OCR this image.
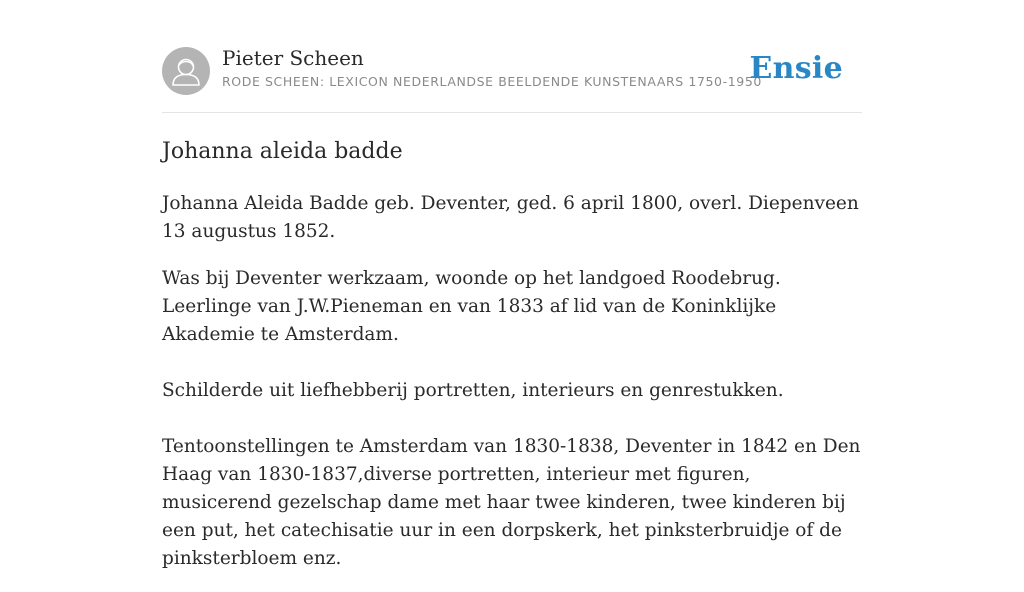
Pieter Scheen
RODE SCHEEN: LEXICON NEDERLANDSE BEELDENDE KUNSTENAARS 1750-1950
Ensie
Johanna aleida badde

Johanna Aleida Badde geb. Deventer, ged. 6 april 1800, overl. Diepenveen 13 augustus 1852.

Was bij Deventer werkzaam, woonde op het landgoed Roodebrug. Leerlinge van J.W.Pieneman en van 1833 af lid van de Koninklijke Akademie te Amsterdam.

Schilderde uit liefhebberij portretten, interieurs en genrestukken.

Tentoonstellingen te Amsterdam van 1830-1838, Deventer in 1842 en Den Haag van 1830-1837,diverse portretten, interieur met figuren, musicerend gezelschap dame met haar twee kinderen, twee kinderen bij een put, het catechisatie uur in een dorpskerk, het pinksterbruidje of de pinksterbloem enz.
